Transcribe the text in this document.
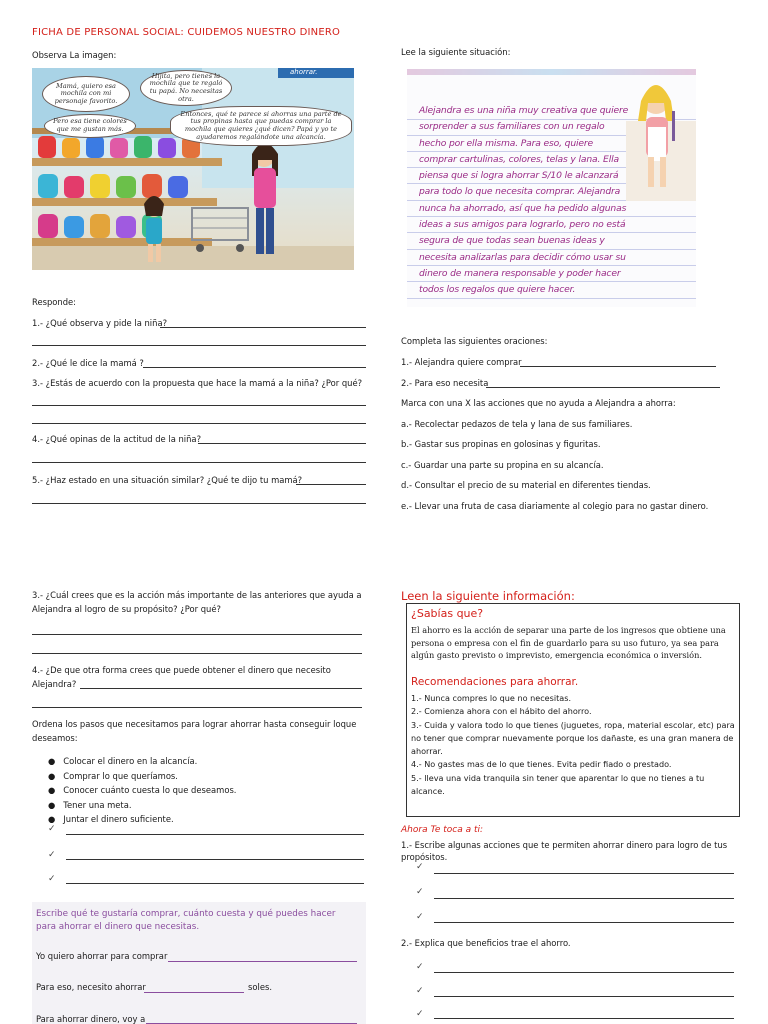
FICHA DE PERSONAL SOCIAL: CUIDEMOS NUESTRO DINERO
Observa La imagen:
ahorrar.
Mamá, quiero esa mochila con mi personaje favorito.
Hijita, pero tienes la mochila que te regaló tu papá. No necesitas otra.
Pero esa tiene colores que me gustan más.
Entonces, qué te parece si ahorras una parte de tus propinas hasta que puedas comprar la mochila que quieres ¿qué dicen? Papá y yo te ayudaremos regalándote una alcancía.
Responde:
1.- ¿Qué observa y pide la niña?
2.- ¿Qué le dice la mamá ?
3.- ¿Estás de acuerdo con la propuesta que hace la mamá a la niña? ¿Por qué?
4.- ¿Qué opinas de la actitud de la niña?
5.- ¿Haz estado en una situación similar? ¿Qué te dijo tu mamá?
Lee la siguiente situación:
Alejandra es una niña muy creativa que quiere sorprender a sus familiares con un regalo hecho por ella misma. Para eso, quiere comprar cartulinas, colores, telas y lana. Ella piensa que si logra ahorrar S/10 le alcanzará para todo lo que necesita comprar. Alejandra nunca ha ahorrado, así que ha pedido algunas ideas a sus amigos para lograrlo, pero no está segura de que todas sean buenas ideas y necesita analizarlas para decidir cómo usar su dinero de manera responsable y poder hacer todos los regalos que quiere hacer.
Completa las siguientes oraciones:
1.- Alejandra quiere comprar
2.- Para eso necesita
Marca con una X las acciones que no ayuda a Alejandra a ahorra:
a.- Recolectar pedazos de tela y lana de sus familiares.
b.- Gastar sus propinas en golosinas y figuritas.
c.- Guardar una parte su propina en su alcancía.
d.- Consultar el precio de su material en diferentes tiendas.
e.- Llevar una fruta de casa diariamente al colegio para no gastar dinero.
3.- ¿Cuál crees que es la acción más importante de las anteriores que ayuda a
Alejandra al logro de su propósito? ¿Por qué?
4.- ¿De que otra forma crees que puede obtener el dinero que necesito
Alejandra?
Ordena los pasos que necesitamos para lograr ahorrar hasta conseguir loque
deseamos:
●   Colocar el dinero en la alcancía.
●   Comprar lo que queríamos.
●   Conocer cuánto cuesta lo que deseamos.
●   Tener una meta.
●   Juntar el dinero suficiente.
✓
✓
✓
Escribe qué te gustaría comprar, cuánto cuesta y qué puedes hacer para ahorrar el dinero que necesitas.
Yo quiero ahorrar para comprar
Para eso, necesito ahorrar	soles.
Para ahorrar dinero, voy a
Leen la siguiente información:
¿Sabías que?
El ahorro es la acción de separar una parte de los ingresos que obtiene una persona o empresa con el fin de guardarlo para su uso futuro, ya sea para algún gasto previsto o imprevisto, emergencia económica o inversión.
Recomendaciones para ahorrar.
1.- Nunca compres lo que no necesitas.
2.- Comienza ahora con el hábito del ahorro.
3.- Cuida y valora todo lo que tienes (juguetes, ropa, material escolar, etc) para no tener que comprar nuevamente porque los dañaste, es una gran manera de ahorrar.
4.- No gastes mas de lo que tienes. Evita pedir fiado o prestado.
5.- lleva una vida tranquila sin tener que aparentar lo que no tienes a tu alcance.
Ahora Te toca a ti:
1.- Escribe algunas acciones que te permiten ahorrar dinero para logro de tus
propósitos.
✓
✓
✓
2.- Explica que beneficios trae el ahorro.
✓
✓
✓
